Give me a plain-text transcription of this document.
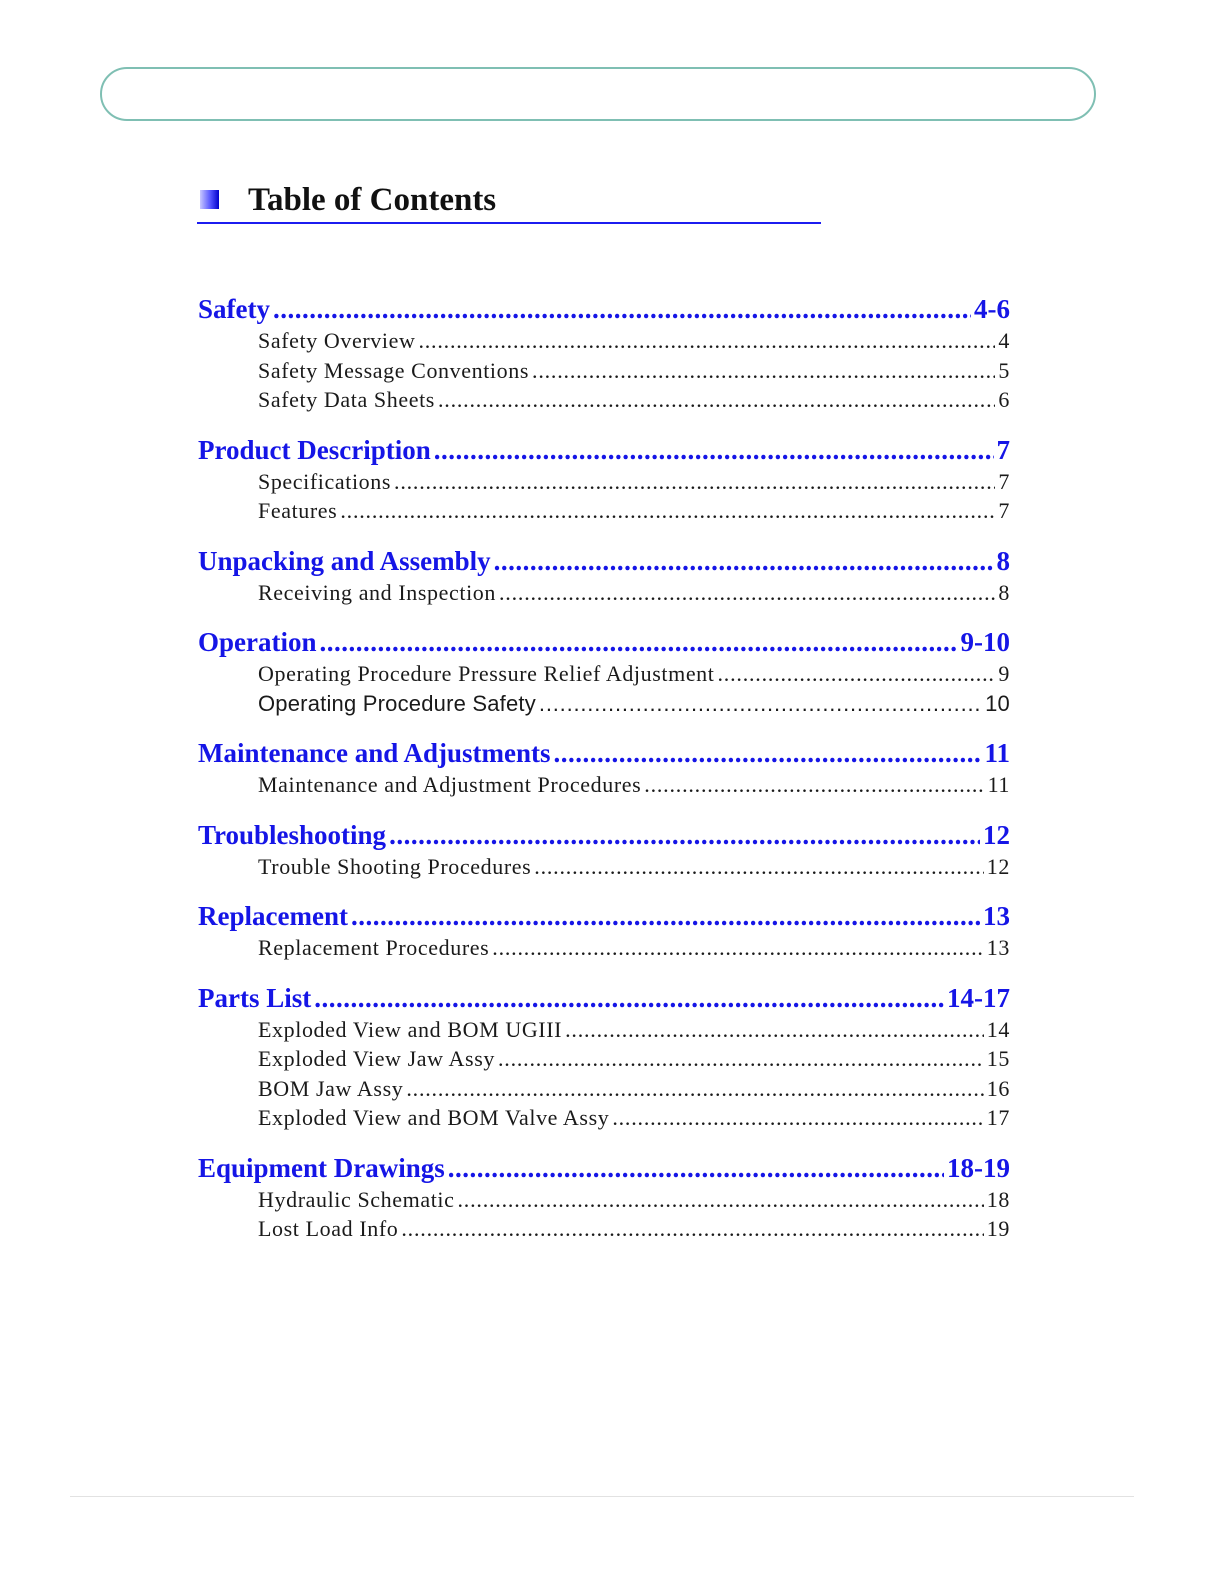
Table of Contents
Safety .....	4-6
Safety Overview .....	4
Safety Message Conventions .....	5
Safety Data Sheets .....	6
Product Description .....	7
Specifications .....	7
Features .....	7
Unpacking and Assembly .....	8
Receiving and Inspection .....	8
Operation .....	9-10
Operating Procedure Pressure Relief Adjustment .....	9
Operating Procedure Safety .....	10
Maintenance and Adjustments .....	11
Maintenance and Adjustment Procedures .....	11
Troubleshooting .....	12
Trouble Shooting Procedures .....	12
Replacement .....	13
Replacement Procedures .....	13
Parts List .....	14-17
Exploded View and BOM UGIII .....	14
Exploded View Jaw Assy .....	15
BOM Jaw Assy .....	16
Exploded View and BOM Valve Assy .....	17
Equipment Drawings .....	18-19
Hydraulic Schematic .....	18
Lost Load Info .....	19
